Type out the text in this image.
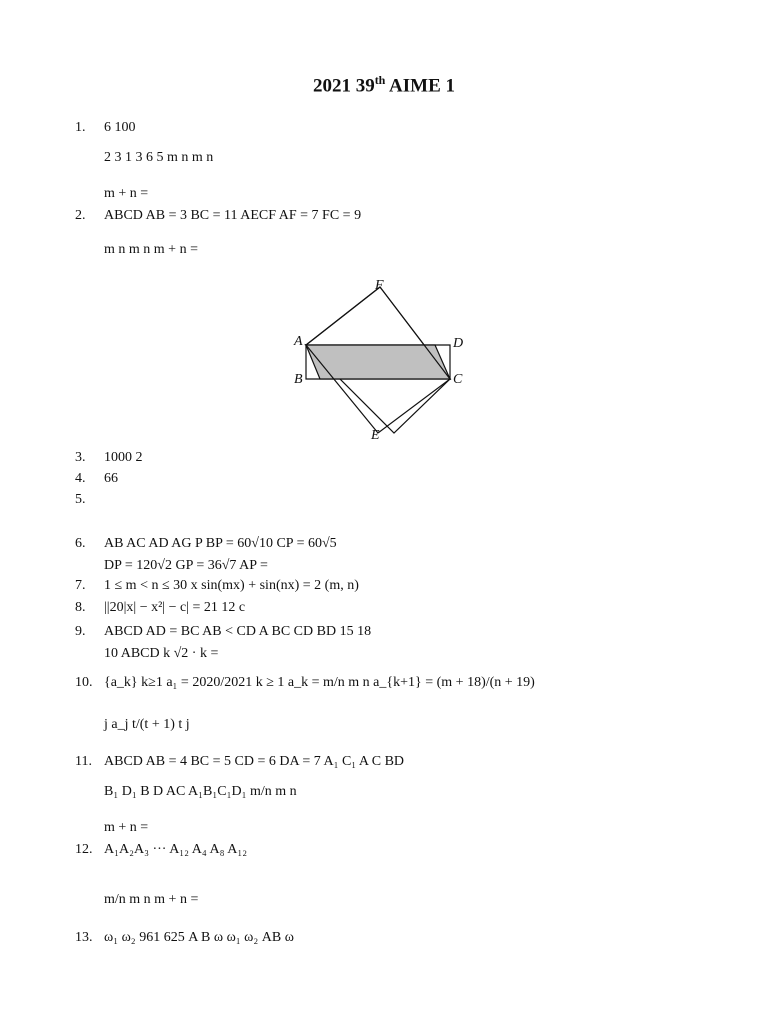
2021 39th AIME 1
1.	6 100
2 3 1 3 6 5 m n m n
m + n =
2.	ABCD AB = 3 BC = 11 AECF AF = 7 FC = 9
m n m n m + n =
F
A	D
B	C
E
3.	1000 2
4.	66
5.
6.	AB AC AD AG P BP = 60√10 CP = 60√5
DP = 120√2 GP = 36√7 AP =
7.	1 ≤ m < n ≤ 30 x sin(mx) + sin(nx) = 2 (m, n)
8.	||20|x| − x²| − c| = 21 12 c
9.	ABCD AD = BC AB < CD A BC CD BD 15 18
10 ABCD k √2 · k =
10. {a_k} k≥1 a₁ = 2020/2021 k ≥ 1 a_k = m/n m n a_{k+1} = (m + 18)/(n + 19)
j a_j t/(t + 1) t j
11. ABCD AB = 4 BC = 5 CD = 6 DA = 7 A₁ C₁ A C BD
B₁ D₁ B D AC A₁B₁C₁D₁ m/n m n
m + n =
12. A₁A₂A₃ ··· A₁₂ A₄ A₈ A₁₂
m/n m n m + n =
13. ω₁ ω₂ 961 625 A B ω ω₁ ω₂ AB ω
